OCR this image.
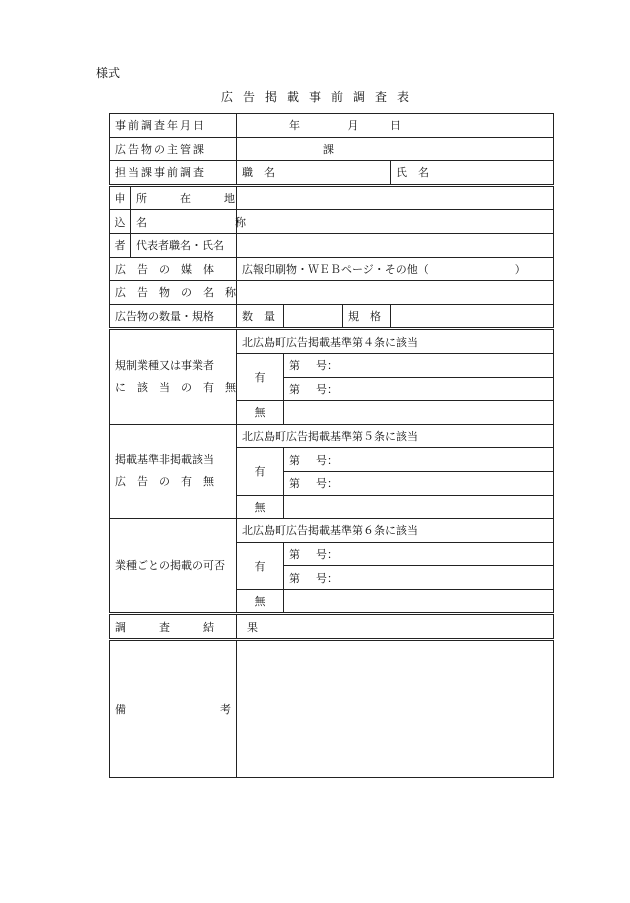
様式
広告掲載事前調査表
事前調査年月日		年 月 日			
広告物の主管課		課			
担当課事前調査		職　名			氏　名
申	所　　　在　　　地				
込	名　　　　　　　　称				
者	代表者職名・氏名				
広　告　の　媒　体		広報印刷物・ＷＥＢページ・その他（ ）			
広　告　物　の　名　称					
広告物の数量・規格		数　量		規　格	

規制業種又は事業者
に　該　当　の　有　無		北広島町広告掲載基準第４条に該当			
		有	第 号：		
			第 号：		
		無			

掲載基準非掲載該当
広　告　の　有　無		北広島町広告掲載基準第５条に該当			
		有	第 号：		
			第 号：		
		無			

業種ごとの掲載の可否		北広島町広告掲載基準第６条に該当			
		有	第 号：		
			第 号：		
		無			
調　　　査　　　結　　　果					

備 考					
